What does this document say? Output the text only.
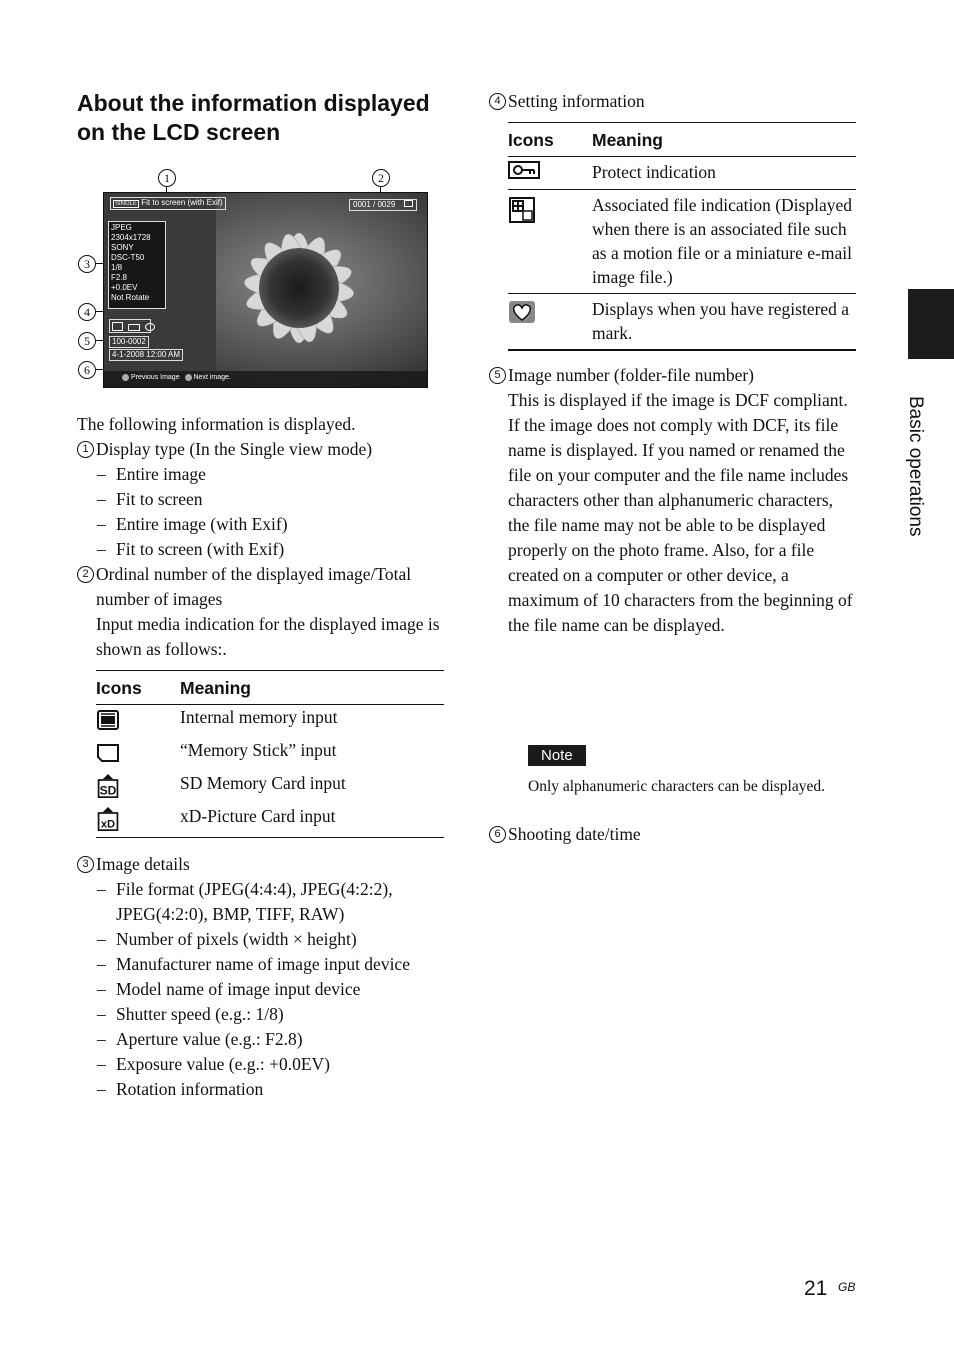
About the information displayed on the LCD screen
1	2
3
4
5
6
SINGLE Fit to screen (with Exif)	0001 / 0029
JPEG
2304x1728
SONY
DSC-T50
1/8
F2.8
+0.0EV
Not Rotate

100-0002
4-1-2008 12:00 AM
Previous Image Next image.
The following information is displayed.
1 Display type (In the Single view mode)
– Entire image
– Fit to screen
– Entire image (with Exif)
– Fit to screen (with Exif)
2 Ordinal number of the displayed image/Total number of images
Input media indication for the displayed image is shown as follows:.
Icons	Meaning
	Internal memory input
	“Memory Stick” input

SD	SD Memory Card input

xD	xD-Picture Card input
3 Image details
– File format (JPEG(4:4:4), JPEG(4:2:2), JPEG(4:2:0), BMP, TIFF, RAW)
– Number of pixels (width × height)
– Manufacturer name of image input device
– Model name of image input device
– Shutter speed (e.g.: 1/8)
– Aperture value (e.g.: F2.8)
– Exposure value (e.g.: +0.0EV)
– Rotation information
4 Setting information
Icons	Meaning
	Protect indication
	Associated file indication (Displayed when there is an associated file such as a motion file or a miniature e-mail image file.)
	Displays when you have registered a mark.
5 Image number (folder-file number)
This is displayed if the image is DCF compliant. If the image does not comply with DCF, its file name is displayed. If you named or renamed the file on your computer and the file name includes characters other than alphanumeric characters, the file name may not be able to be displayed properly on the photo frame. Also, for a file created on a computer or other device, a maximum of 10 characters from the beginning of the file name can be displayed.
Note
Only alphanumeric characters can be displayed.
6 Shooting date/time
Basic operations
21 GB
